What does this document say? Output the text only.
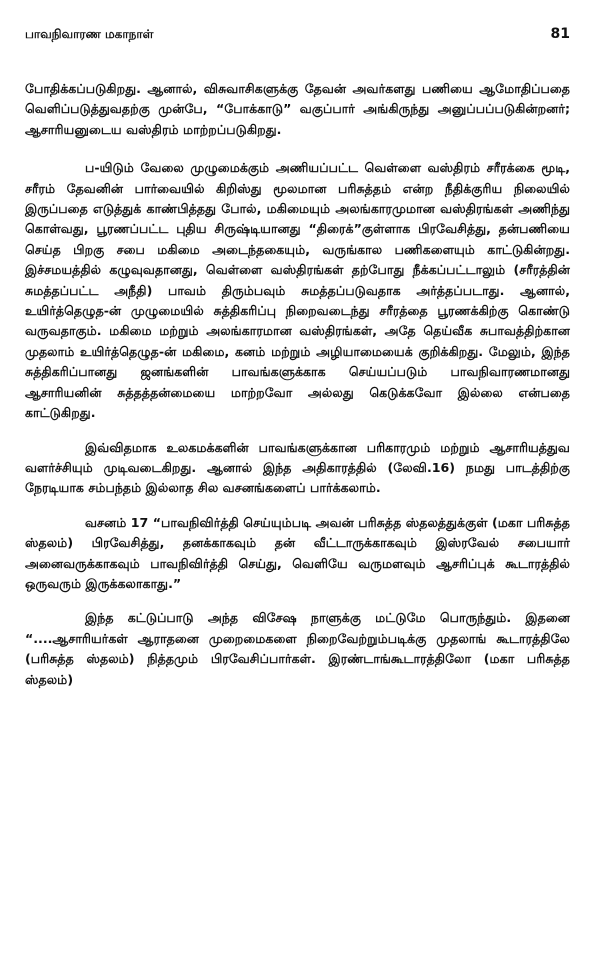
பாவநிவாரண மகாநாள்	81

போதிக்கப்படுகிறது. ஆனால், விசுவாசிகளுக்கு தேவன் அவர்களது பணியை ஆமோதிப்பதை வெளிப்படுத்துவதற்கு முன்பே, “போக்காடு” வகுப்பார் அங்கிருந்து அனுப்பப்படுகின்றனர்; ஆசாரியனுடைய வஸ்திரம் மாற்றப்படுகிறது.

ப-யிடும் வேலை முழுமைக்கும் அணியப்பட்ட வெள்ளை வஸ்திரம் சரீரக்கை மூடி, சரீரம் தேவனின் பார்வையில் கிறிஸ்து மூலமான பரிசுத்தம் என்ற நீதிக்குரிய நிலையில் இருப்பதை எடுத்துக் காண்பித்தது போல், மகிமையும் அலங்காரமுமான வஸ்திரங்கள் அணிந்து கொள்வது, பூரணப்பட்ட புதிய சிருஷ்டியானது “திரைக்”குள்ளாக பிரவேசித்து, தன்பணியை செய்த பிறகு சபை மகிமை அடைந்தகையும், வருங்கால பணிகளையும் காட்டுகின்றது. இச்சமயத்தில் கழுவுவதானது, வெள்ளை வஸ்திரங்கள் தற்போது நீக்கப்பட்டாலும் (சரீரத்தின் சுமத்தப்பட்ட அநீதி) பாவம் திரும்பவும் சுமத்தப்படுவதாக அர்த்தப்படாது. ஆனால், உயிர்த்தெழுத-ன் முழுமையில் சுத்திகரிப்பு நிறைவடைந்து சரீரத்தை பூரணக்கிற்கு கொண்டு வருவதாகும். மகிமை மற்றும் அலங்காரமான வஸ்திரங்கள், அதே தெய்வீக சுபாவத்திற்கான முதலாம் உயிர்த்தெழுத-ன் மகிமை, கனம் மற்றும் அழியாமையைக் குறிக்கிறது. மேலும், இந்த சுத்திகரிப்பானது ஜனங்களின் பாவங்களுக்காக செய்யப்படும் பாவநிவாரணமானது ஆசாரியனின் சுத்தத்தன்மையை மாற்றவோ அல்லது கெடுக்கவோ இல்லை என்பதை காட்டுகிறது.

இவ்விதமாக உலகமக்களின் பாவங்களுக்கான பரிகாரமும் மற்றும் ஆசாரியத்துவ வளர்ச்சியும் முடிவடைகிறது. ஆனால் இந்த அதிகாரத்தில் (லேவி.16) நமது பாடத்திற்கு நேரடியாக சம்பந்தம் இல்லாத சில வசனங்களைப் பார்க்கலாம்.

வசனம் 17 “பாவநிவிர்த்தி செய்யும்படி அவன் பரிசுத்த ஸ்தலத்துக்குள் (மகா பரிசுத்த ஸ்தலம்) பிரவேசித்து, தனக்காகவும் தன் வீட்டாருக்காகவும் இஸ்ரவேல் சபையார் அனைவருக்காகவும் பாவநிவிர்த்தி செய்து, வெளியே வருமளவும் ஆசரிப்புக் கூடாரத்தில் ஒருவரும் இருக்கலாகாது.”

இந்த கட்டுப்பாடு அந்த விசேஷ நாளுக்கு மட்டுமே பொருந்தும். இதனை “....ஆசாரியர்கள் ஆராதனை முறைமைகளை நிறைவேற்றும்படிக்கு முதலாங் கூடாரத்திலே (பரிசுத்த ஸ்தலம்) நித்தமும் பிரவேசிப்பார்கள். இரண்டாங்கூடாரத்திலோ (மகா பரிசுத்த ஸ்தலம்)
